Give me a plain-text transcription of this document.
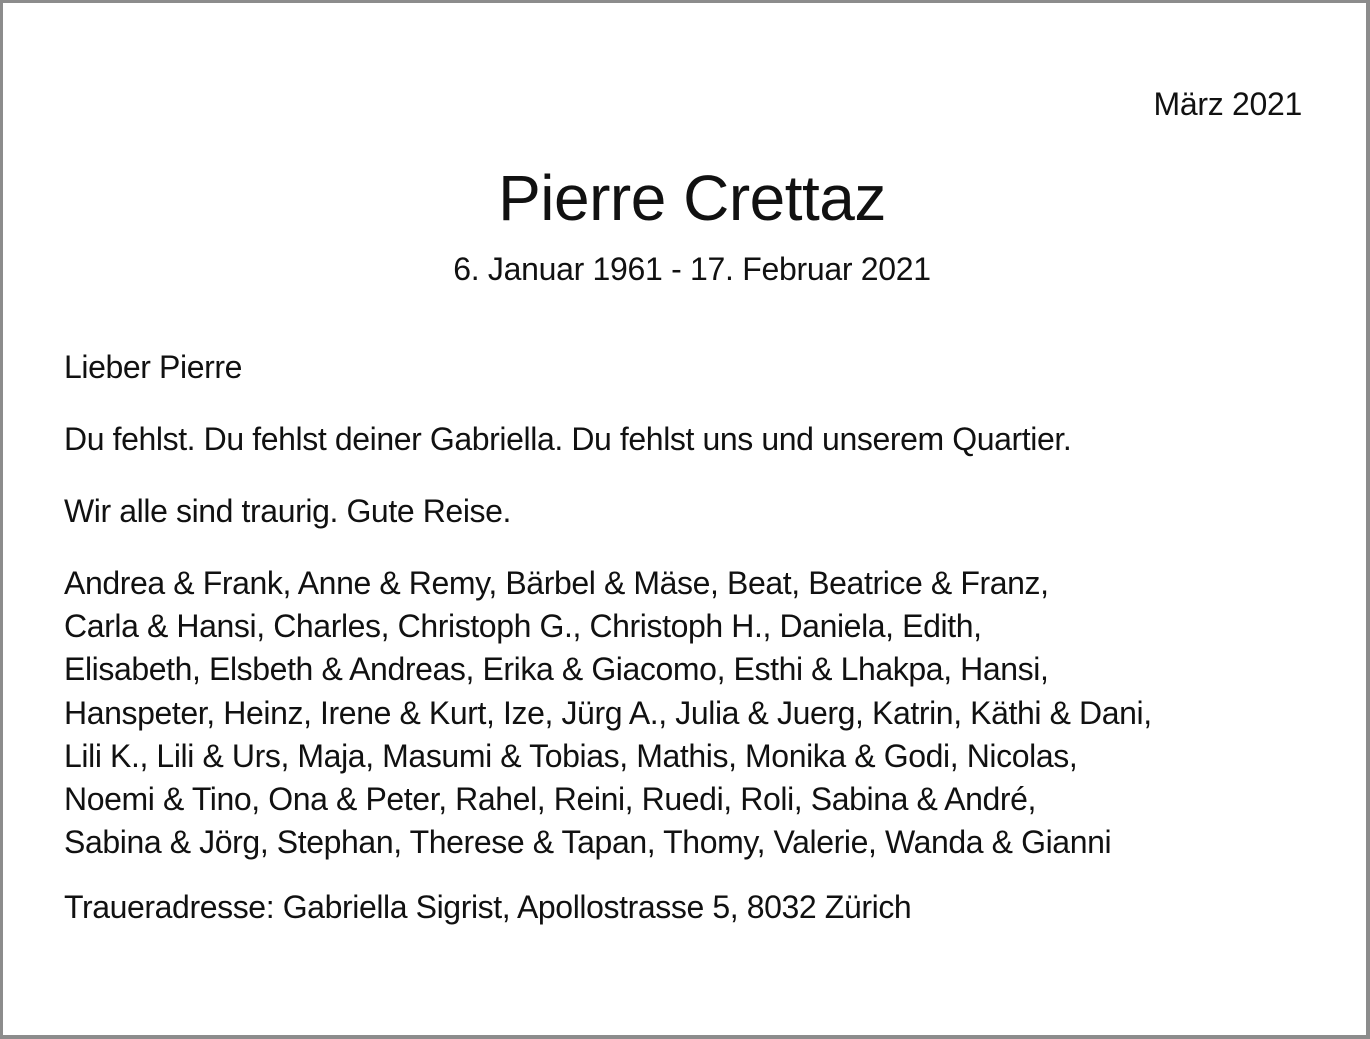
März 2021
Pierre Crettaz
6. Januar 1961 - 17. Februar 2021

Lieber Pierre

Du fehlst. Du fehlst deiner Gabriella. Du fehlst uns und unserem Quartier.

Wir alle sind traurig. Gute Reise.

Andrea & Frank, Anne & Remy, Bärbel & Mäse, Beat, Beatrice & Franz,
Carla & Hansi, Charles, Christoph G., Christoph H., Daniela, Edith,
Elisabeth, Elsbeth & Andreas, Erika & Giacomo, Esthi & Lhakpa, Hansi,
Hanspeter, Heinz, Irene & Kurt, Ize, Jürg A., Julia & Juerg, Katrin, Käthi & Dani,
Lili K., Lili & Urs, Maja, Masumi & Tobias, Mathis, Monika & Godi, Nicolas,
Noemi & Tino, Ona & Peter, Rahel, Reini, Ruedi, Roli, Sabina & André,
Sabina & Jörg, Stephan, Therese & Tapan, Thomy, Valerie, Wanda & Gianni

Traueradresse: Gabriella Sigrist, Apollostrasse 5, 8032 Zürich
